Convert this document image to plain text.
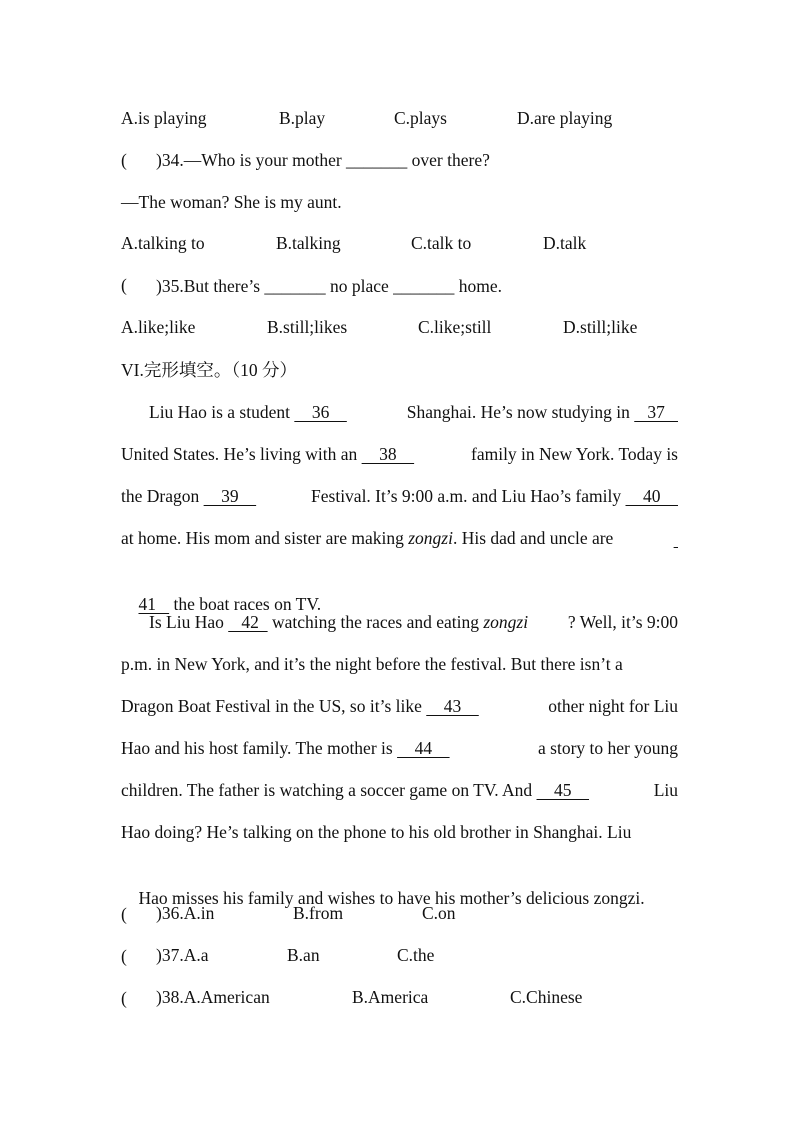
A.is playing	B.play	C.plays	D.are playing
( )34.—Who is your mother _______ over there?
—The woman? She is my aunt.
A.talking to	B.talking	C.talk to	D.talk
( )35.But there’s _______ no place _______ home.
A.like;like	B.still;likes	C.like;still	D.still;like
VI.完形填空。（10 分）
Liu Hao is a student     36	Shanghai. He’s now studying in    37
United States. He’s living with an     38	family in New York. Today is
the Dragon     39	Festival. It’s 9:00 a.m. and Liu Hao’s family     40
at home. His mom and sister are making zongzi. His dad and uncle are

41    the boat races on TV.

Is Liu Hao    42   watching the races and eating zongzi ? Well, it’s 9:00
p.m. in New York, and it’s the night before the festival. But there isn’t a
Dragon Boat Festival in the US, so it’s like     43	other night for Liu
Hao and his host family. The mother is     44	a story to her young
children. The father is watching a soccer game on TV. And     45	Liu
Hao doing? He’s talking on the phone to his old brother in Shanghai. Liu

Hao misses his family and wishes to have his mother’s delicious zongzi.

( )36.A.in	B.from	C.on
( )37.A.a	B.an	C.the
( )38.A.American	B.America	C.Chinese
